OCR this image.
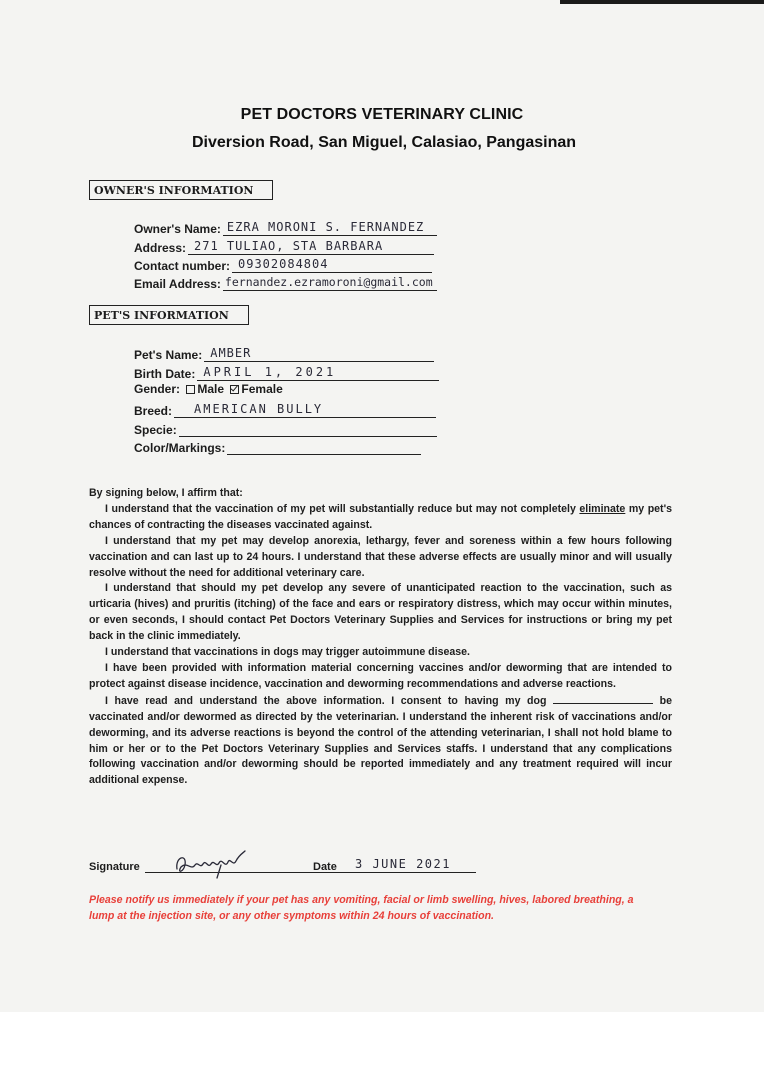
PET DOCTORS VETERINARY CLINIC
Diversion Road, San Miguel, Calasiao, Pangasinan
OWNER'S INFORMATION
Owner's Name: EZRA MORONI S. FERNANDEZ
Address: 271 TULIAO, STA BARBARA
Contact number: 09302084804
Email Address: fernandez.ezramoroni@gmail.com
PET'S INFORMATION
Pet's Name: AMBER
Birth Date: APRIL 1, 2021
Gender: Male Female
Breed: AMERICAN BULLY
Specie:
Color/Markings:

By signing below, I affirm that:

I understand that the vaccination of my pet will substantially reduce but may not completely eliminate my pet's chances of contracting the diseases vaccinated against.

I understand that my pet may develop anorexia, lethargy, fever and soreness within a few hours following vaccination and can last up to 24 hours. I understand that these adverse effects are usually minor and will usually resolve without the need for additional veterinary care.

I understand that should my pet develop any severe of unanticipated reaction to the vaccination, such as urticaria (hives) and pruritis (itching) of the face and ears or respiratory distress, which may occur within minutes, or even seconds, I should contact Pet Doctors Veterinary Supplies and Services for instructions or bring my pet back in the clinic immediately.

I understand that vaccinations in dogs may trigger autoimmune disease.

I have been provided with information material concerning vaccines and/or deworming that are intended to protect against disease incidence, vaccination and deworming recommendations and adverse reactions.

I have read and understand the above information. I consent to having my dog	be vaccinated and/or dewormed as directed by the veterinarian. I understand the inherent risk of vaccinations and/or deworming, and its adverse reactions is beyond the control of the attending veterinarian, I shall not hold blame to him or her or to the Pet Doctors Veterinary Supplies and Services staffs. I understand that any complications following vaccination and/or deworming should be reported immediately and any treatment required will incur additional expense.

Signature	Date 3 JUNE 2021
Please notify us immediately if your pet has any vomiting, facial or limb swelling, hives, labored breathing, a lump at the injection site, or any other symptoms within 24 hours of vaccination.
